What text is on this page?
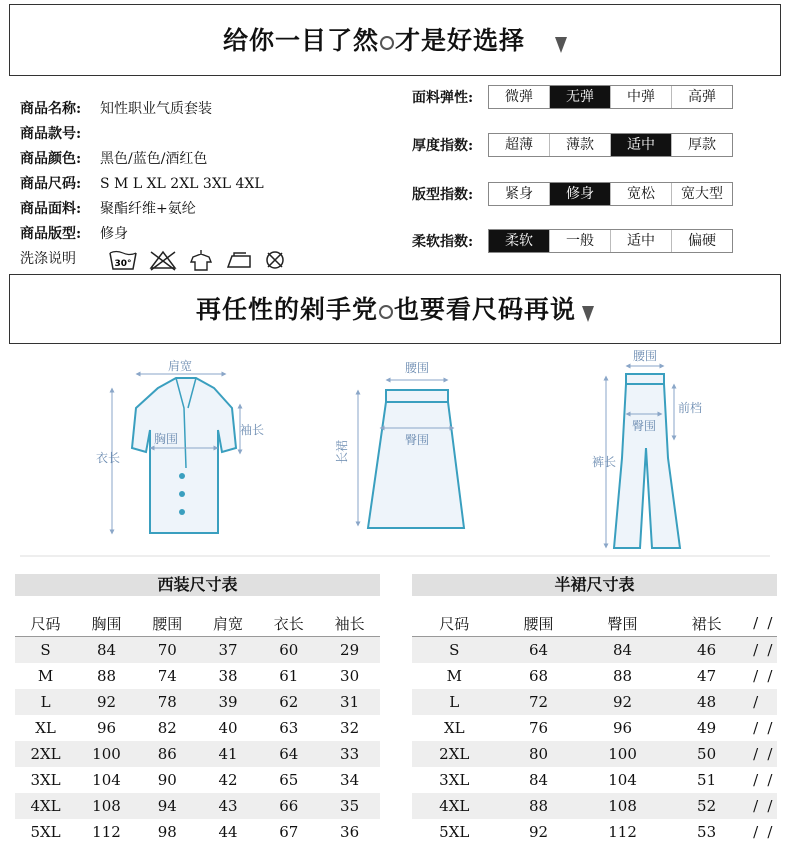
给你一目了然 才是好选择
商品名称: 知性职业气质套装
商品款号:
商品颜色: 黑色/蓝色/酒红色
商品尺码: S M L XL 2XL 3XL 4XL
商品面料: 聚酯纤维+氨纶
商品版型: 修身
洗涤说明	30°
面料弹性:	微弹	无弹	中弹	高弹
厚度指数:	超薄	薄款	适中	厚款
版型指数:	紧身	修身	宽松	宽大型
柔软指数:	柔软	一般	适中	偏硬
再任性的剁手党 也要看尺码再说
肩宽
胸围
袖长
衣长
腰围
臀围
长裙
腰围
臀围
前档
裤长
西装尺寸表
尺码	胸围	腰围	肩宽	衣长	袖长
S	84	70	37	60	29
M	88	74	38	61	30
L	92	78	39	62	31
XL	96	82	40	63	32
2XL	100	86	41	64	33
3XL	104	90	42	65	34
4XL	108	94	43	66	35
5XL	112	98	44	67	36
半裙尺寸表
尺码	腰围	臀围	裙长	/	/
S	64	84	46	/	/
M	68	88	47	/	/
L	72	92	48	/	
XL	76	96	49	/	/
2XL	80	100	50	/	/
3XL	84	104	51	/	/
4XL	88	108	52	/	/
5XL	92	112	53	/	/
